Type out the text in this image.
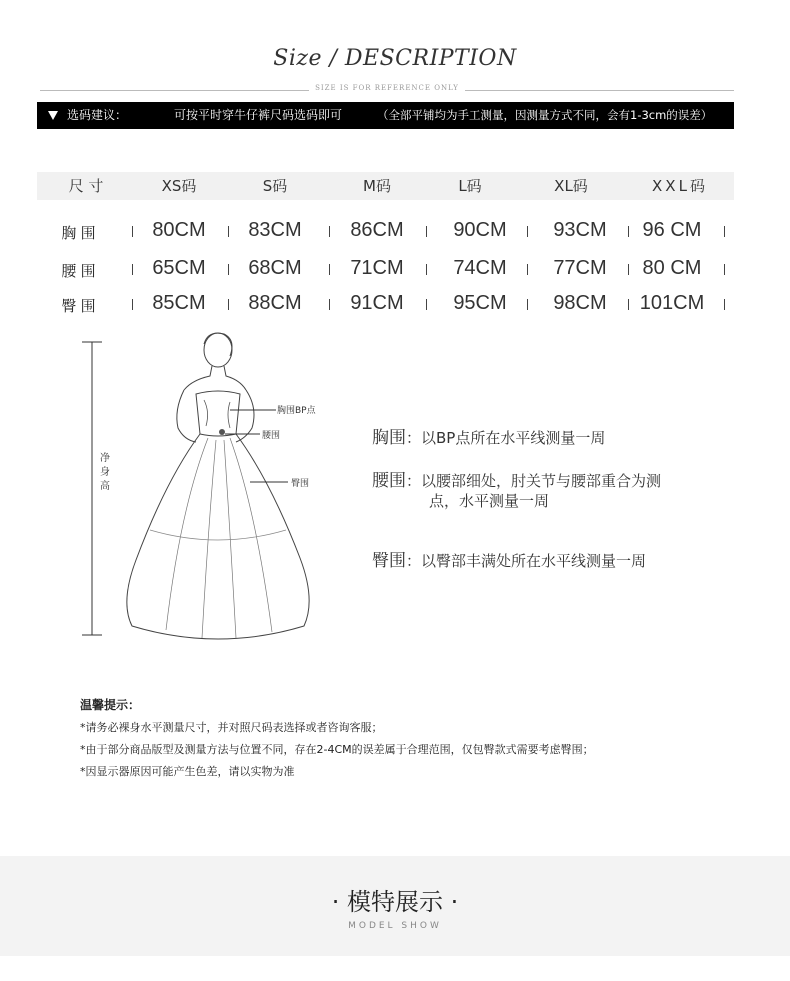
Size / DESCRIPTION
SIZE IS FOR REFERENCE ONLY
选码建议：	可按平时穿牛仔裤尺码选码即可	（全部平铺均为手工测量，因测量方式不同，会有1-3cm的误差）
尺 寸	XS码	S码	M码	L码	XL码	XXL码
胸 围	80CM	83CM	86CM	90CM	93CM	96 CM
腰 围	65CM	68CM	71CM	74CM	77CM	80 CM
臀 围	85CM	88CM	91CM	95CM	98CM	101CM
胸围BP点
腰围
臀围
净身高
胸围：以BP点所在水平线测量一周
腰围：以腰部细处，肘关节与腰部重合为测
点，水平测量一周
臀围：以臀部丰满处所在水平线测量一周
温馨提示：
*请务必裸身水平测量尺寸，并对照尺码表选择或者咨询客服；
*由于部分商品版型及测量方法与位置不同，存在2-4CM的误差属于合理范围，仅包臀款式需要考虑臀围；
*因显示器原因可能产生色差，请以实物为准
· 模特展示 ·
MODEL SHOW
